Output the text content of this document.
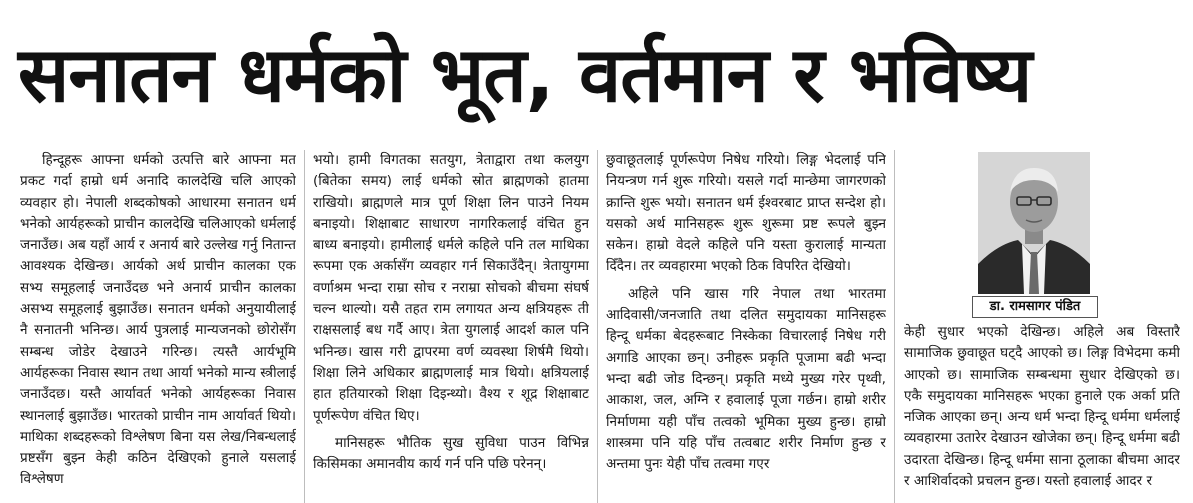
सनातन धर्मको भूत, वर्तमान र भविष्य

हिन्दूहरू आफ्ना धर्मको उत्पत्ति बारे आफ्ना मत प्रकट गर्दा हाम्रो धर्म अनादि कालदेखि चलि आएको व्यवहार हो। नेपाली शब्दकोषको आधारमा सनातन धर्म भनेको आर्यहरूको प्राचीन कालदेखि चलिआएको धर्मलाई जनाउँछ। अब यहाँ आर्य र अनार्य बारे उल्लेख गर्नु नितान्त आवश्यक देखिन्छ। आर्यको अर्थ प्राचीन कालका एक सभ्य समूहलाई जनाउँदछ भने अनार्य प्राचीन कालका असभ्य समूहलाई बुझाउँछ। सनातन धर्मको अनुयायीलाई नै सनातनी भनिन्छ। आर्य पुत्रलाई मान्यजनको छोरोसँग सम्बन्ध जोडेर देखाउने गरिन्छ। त्यस्तै आर्यभूमि आर्यहरूका निवास स्थान तथा आर्या भनेको मान्य स्त्रीलाई जनाउँदछ। यस्तै आर्यावर्त भनेको आर्यहरूका निवास स्थानलाई बुझाउँछ। भारतको प्राचीन नाम आर्यावर्त थियो। माथिका शब्दहरूको विश्लेषण बिना यस लेख/निबन्धलाई प्रष्टसँग बुझ्न केही कठिन देखिएको हुनाले यसलाई विश्लेषण

भयो। हामी विगतका सतयुग, त्रेताद्वारा तथा कलयुग (बितेका समय) लाई धर्मको स्रोत ब्राह्मणको हातमा राखियो। ब्राह्मणले मात्र पूर्ण शिक्षा लिन पाउने नियम बनाइयो। शिक्षाबाट साधारण नागरिकलाई वंचित हुन बाध्य बनाइयो। हामीलाई धर्मले कहिले पनि तल माथिका रूपमा एक अर्कासँग व्यवहार गर्न सिकाउँदैन्। त्रेतायुगमा वर्णाश्रम भन्दा राम्रा सोच र नराम्रा सोचको बीचमा संघर्ष चल्न थाल्यो। यसै तहत राम लगायत अन्य क्षत्रियहरू ती राक्षसलाई बध गर्दै आए। त्रेता युगलाई आदर्श काल पनि भनिन्छ। खास गरी द्वापरमा वर्ण व्यवस्था शिर्षमै थियो। शिक्षा लिने अधिकार ब्राह्मणलाई मात्र थियो। क्षत्रियलाई हात हतियारको शिक्षा दिइन्थ्यो। वैश्य र शूद्र शिक्षाबाट पूर्णरूपेण वंचित थिए।

मानिसहरू भौतिक सुख सुविधा पाउन विभिन्न किसिमका अमानवीय कार्य गर्न पनि पछि परेनन्।

छुवाछूतलाई पूर्णरूपेण निषेध गरियो। लिङ्ग भेदलाई पनि नियन्त्रण गर्न शुरू गरियो। यसले गर्दा मान्छेमा जागरणको क्रान्ति शुरू भयो। सनातन धर्म ईश्वरबाट प्राप्त सन्देश हो। यसको अर्थ मानिसहरू शुरू शुरूमा प्रष्ट रूपले बुझ्न सकेन। हाम्रो वेदले कहिले पनि यस्ता कुरालाई मान्यता दिँदैन। तर व्यवहारमा भएको ठिक विपरित देखियो।

अहिले पनि खास गरि नेपाल तथा भारतमा आदिवासी/जनजाति तथा दलित समुदायका मानिसहरू हिन्दू धर्मका बेदहरूबाट निस्केका विचारलाई निषेध गरी अगाडि आएका छन्। उनीहरू प्रकृति पूजामा बढी भन्दा भन्दा बढी जोड दिन्छन्। प्रकृति मध्ये मुख्य गरेर पृथ्वी, आकाश, जल, अग्नि र हवालाई पूजा गर्छन। हाम्रो शरीर निर्माणमा यही पाँच तत्वको भूमिका मुख्य हुन्छ। हाम्रो शास्त्रमा पनि यहि पाँच तत्वबाट शरीर निर्माण हुन्छ र अन्तमा पुनः येही पाँच तत्वमा गएर

डा. रामसागर पंडित

केही सुधार भएको देखिन्छ। अहिले अब विस्तारै सामाजिक छुवाछूत घट्दै आएको छ। लिङ्ग विभेदमा कमी आएको छ। सामाजिक सम्बन्धमा सुधार देखिएको छ। एकै समुदायका मानिसहरू भएका हुनाले एक अर्का प्रति नजिक आएका छन्। अन्य धर्म भन्दा हिन्दू धर्ममा धर्मलाई व्यवहारमा उतारेर देखाउन खोजेका छन्। हिन्दू धर्ममा बढी उदारता देखिन्छ। हिन्दू धर्ममा साना ठूलाका बीचमा आदर र आशिर्वादको प्रचलन हुन्छ। यस्तो हवालाई आदर र
